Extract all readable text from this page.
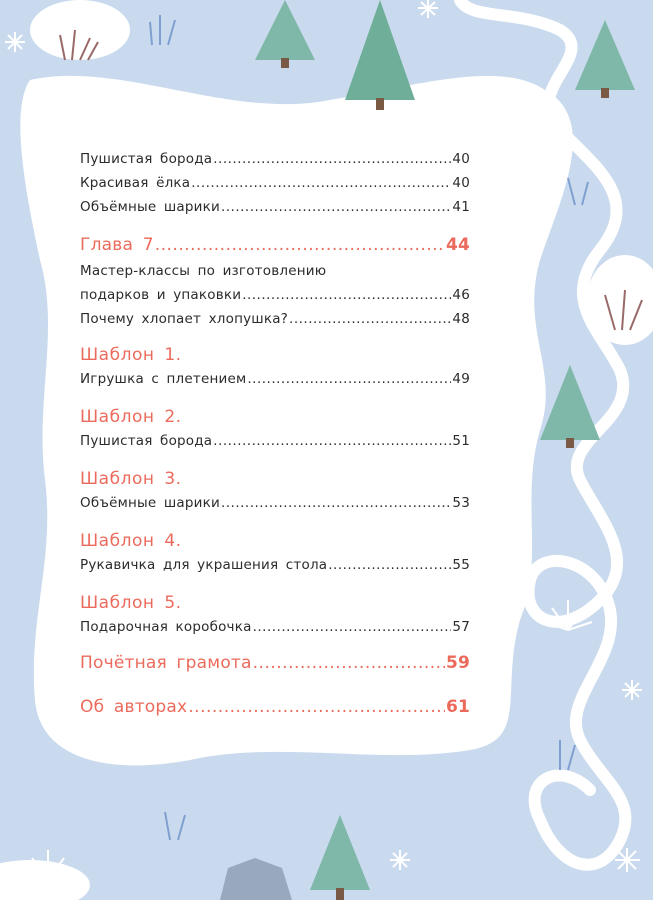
Пушистая борода .....	40
Красивая ёлка .....	40
Объёмные шарики .....	41
Глава 7 .....	44
Мастер-классы по изготовлению
подарков и упаковки .....	46
Почему хлопает хлопушка? .....	48
Шаблон 1.
Игрушка с плетением .....	49
Шаблон 2.
Пушистая борода .....	51
Шаблон 3.
Объёмные шарики .....	53
Шаблон 4.
Рукавичка для украшения стола .....	55
Шаблон 5.
Подарочная коробочка .....	57
Почётная грамота .....	59
Об авторах .....	61
